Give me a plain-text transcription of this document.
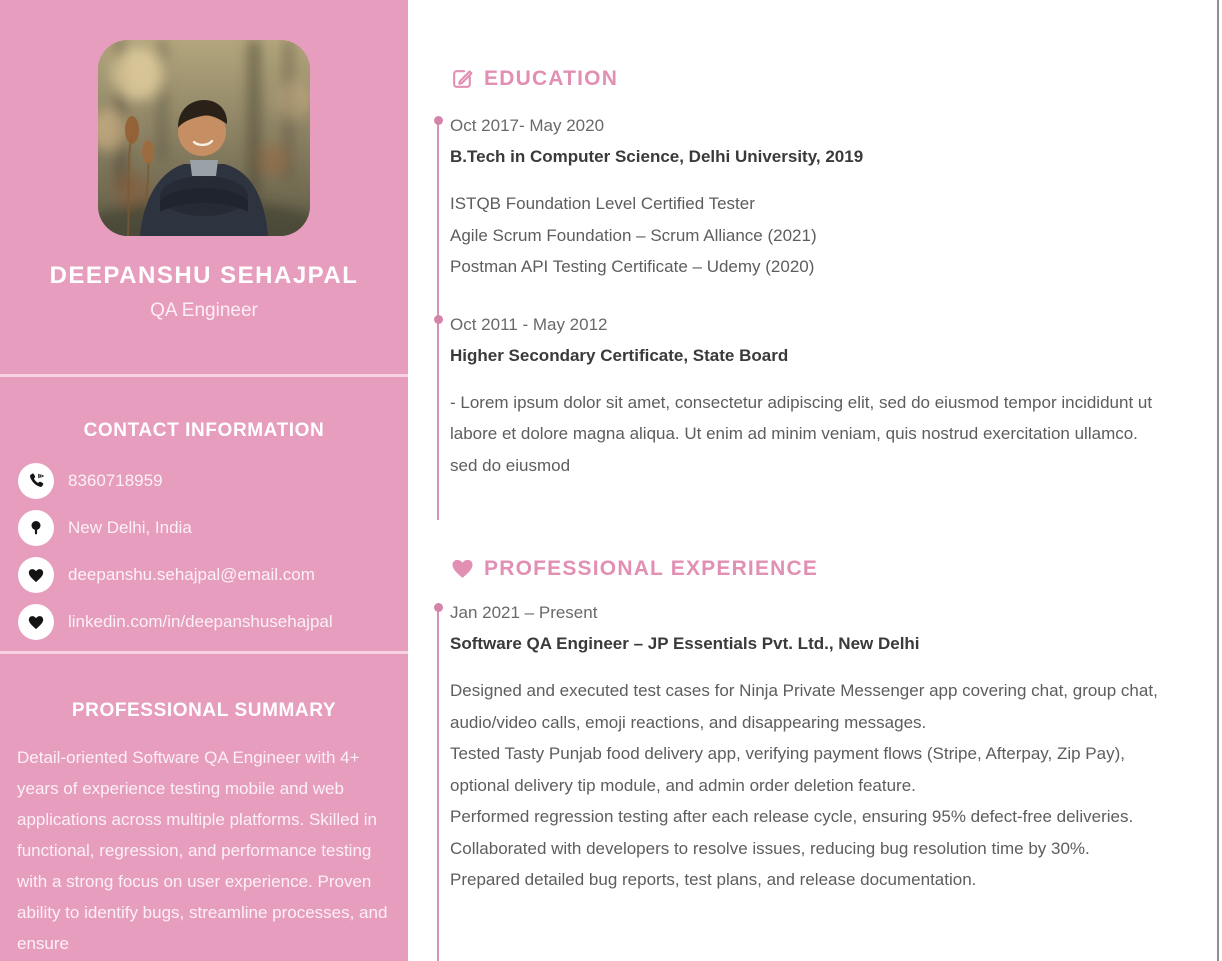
DEEPANSHU SEHAJPAL
QA Engineer
CONTACT INFORMATION
8360718959
New Delhi, India
deepanshu.sehajpal@email.com
linkedin.com/in/deepanshusehajpal
PROFESSIONAL SUMMARY
Detail-oriented Software QA Engineer with 4+ years of experience testing mobile and web applications across multiple platforms. Skilled in functional, regression, and performance testing with a strong focus on user experience. Proven ability to identify bugs, streamline processes, and ensure
EDUCATION
Oct 2017- May 2020
B.Tech in Computer Science, Delhi University, 2019

ISTQB Foundation Level Certified Tester

Agile Scrum Foundation – Scrum Alliance (2021)

Postman API Testing Certificate – Udemy (2020)

Oct 2011 - May 2012
Higher Secondary Certificate, State Board

- Lorem ipsum dolor sit amet, consectetur adipiscing elit, sed do eiusmod tempor incididunt ut labore et dolore magna aliqua. Ut enim ad minim veniam, quis nostrud exercitation ullamco. sed do eiusmod

PROFESSIONAL EXPERIENCE
Jan 2021 – Present
Software QA Engineer – JP Essentials Pvt. Ltd., New Delhi

Designed and executed test cases for Ninja Private Messenger app covering chat, group chat, audio/video calls, emoji reactions, and disappearing messages.

Tested Tasty Punjab food delivery app, verifying payment flows (Stripe, Afterpay, Zip Pay), optional delivery tip module, and admin order deletion feature.

Performed regression testing after each release cycle, ensuring 95% defect-free deliveries.

Collaborated with developers to resolve issues, reducing bug resolution time by 30%.

Prepared detailed bug reports, test plans, and release documentation.
